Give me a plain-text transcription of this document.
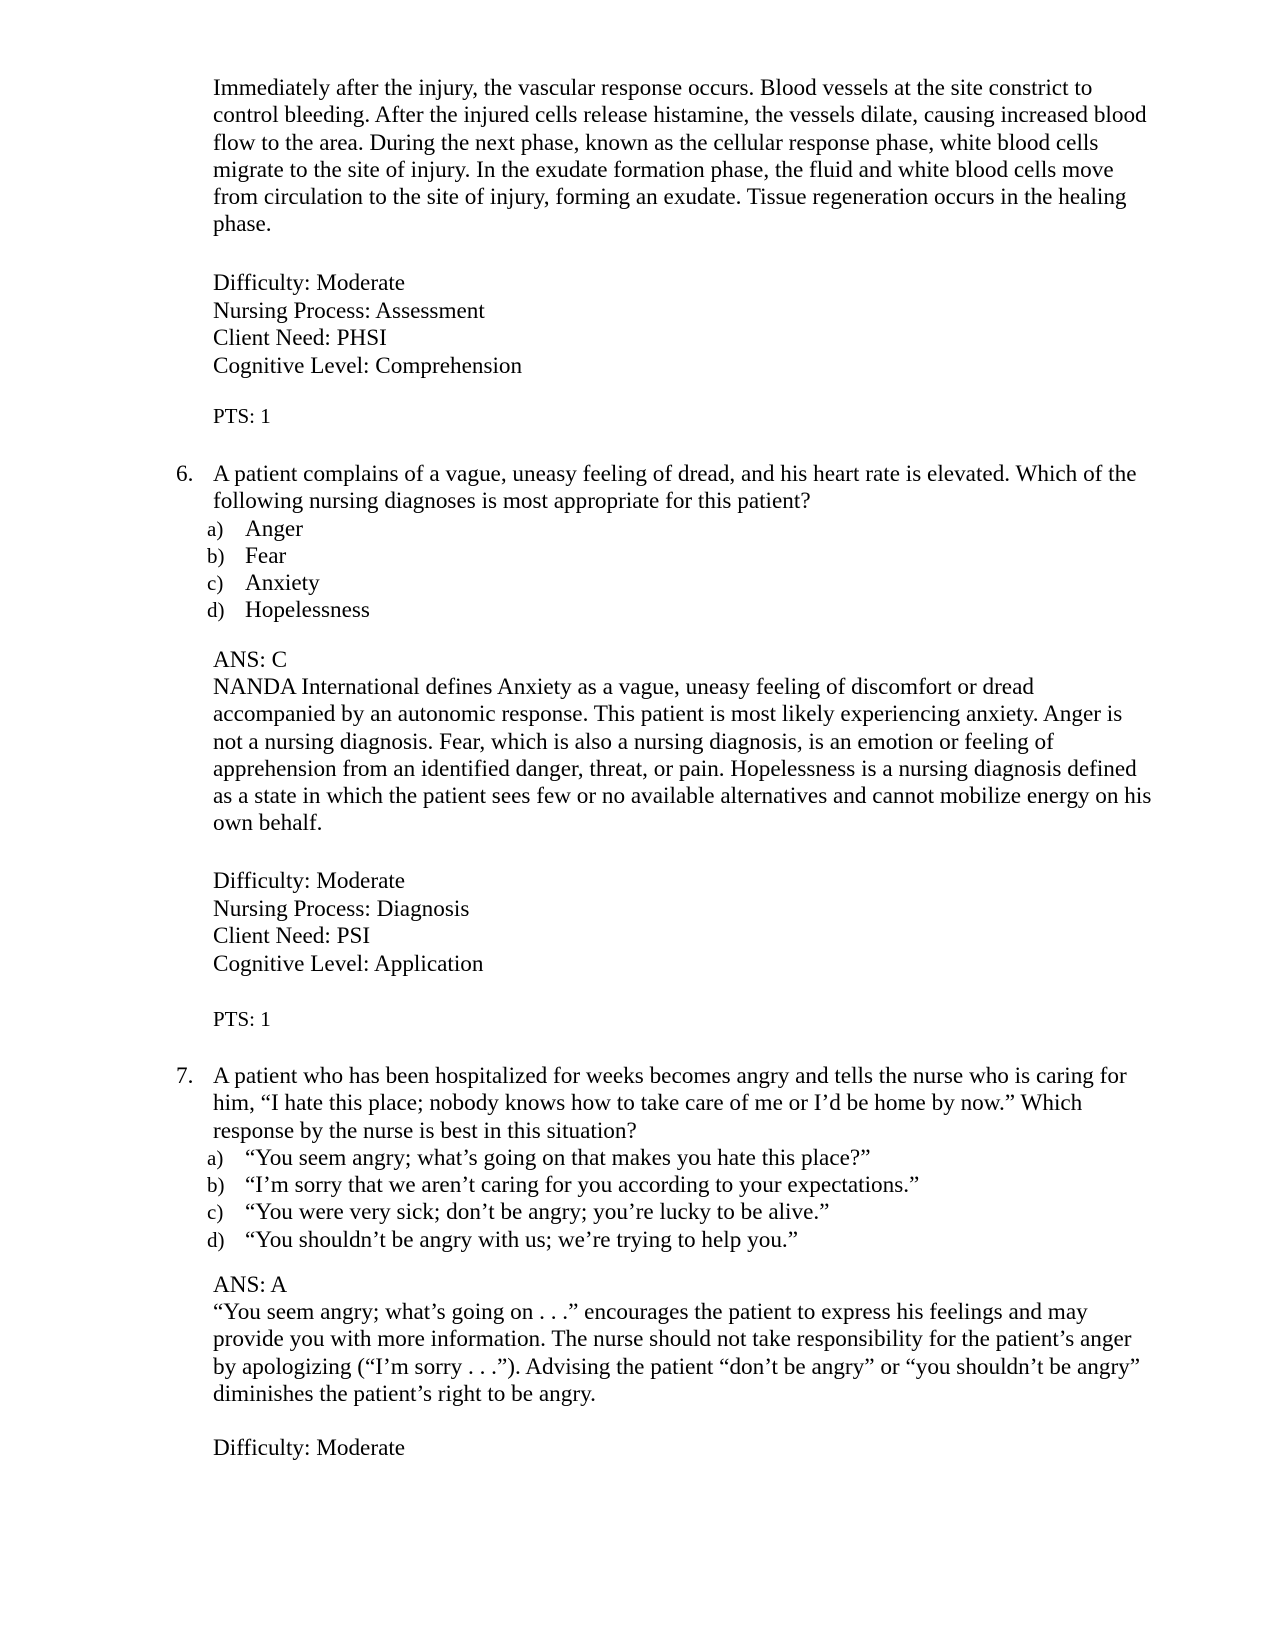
Immediately after the injury, the vascular response occurs. Blood vessels at the site constrict to control bleeding. After the injured cells release histamine, the vessels dilate, causing increased blood flow to the area. During the next phase, known as the cellular response phase, white blood cells migrate to the site of injury. In the exudate formation phase, the fluid and white blood cells move from circulation to the site of injury, forming an exudate. Tissue regeneration occurs in the healing phase.
Difficulty: Moderate
Nursing Process: Assessment
Client Need: PHSI
Cognitive Level: Comprehension
PTS: 1
6. A patient complains of a vague, uneasy feeling of dread, and his heart rate is elevated. Which of the following nursing diagnoses is most appropriate for this patient?
a) Anger
b) Fear
c) Anxiety
d) Hopelessness
ANS: C
NANDA International defines Anxiety as a vague, uneasy feeling of discomfort or dread accompanied by an autonomic response. This patient is most likely experiencing anxiety. Anger is not a nursing diagnosis. Fear, which is also a nursing diagnosis, is an emotion or feeling of apprehension from an identified danger, threat, or pain. Hopelessness is a nursing diagnosis defined as a state in which the patient sees few or no available alternatives and cannot mobilize energy on his own behalf.
Difficulty: Moderate
Nursing Process: Diagnosis
Client Need: PSI
Cognitive Level: Application
PTS: 1
7. A patient who has been hospitalized for weeks becomes angry and tells the nurse who is caring for him, “I hate this place; nobody knows how to take care of me or I’d be home by now.” Which response by the nurse is best in this situation?
a) “You seem angry; what’s going on that makes you hate this place?”
b) “I’m sorry that we aren’t caring for you according to your expectations.”
c) “You were very sick; don’t be angry; you’re lucky to be alive.”
d) “You shouldn’t be angry with us; we’re trying to help you.”
ANS: A
“You seem angry; what’s going on . . .” encourages the patient to express his feelings and may provide you with more information. The nurse should not take responsibility for the patient’s anger by apologizing (“I’m sorry . . .”). Advising the patient “don’t be angry” or “you shouldn’t be angry” diminishes the patient’s right to be angry.
Difficulty: Moderate
